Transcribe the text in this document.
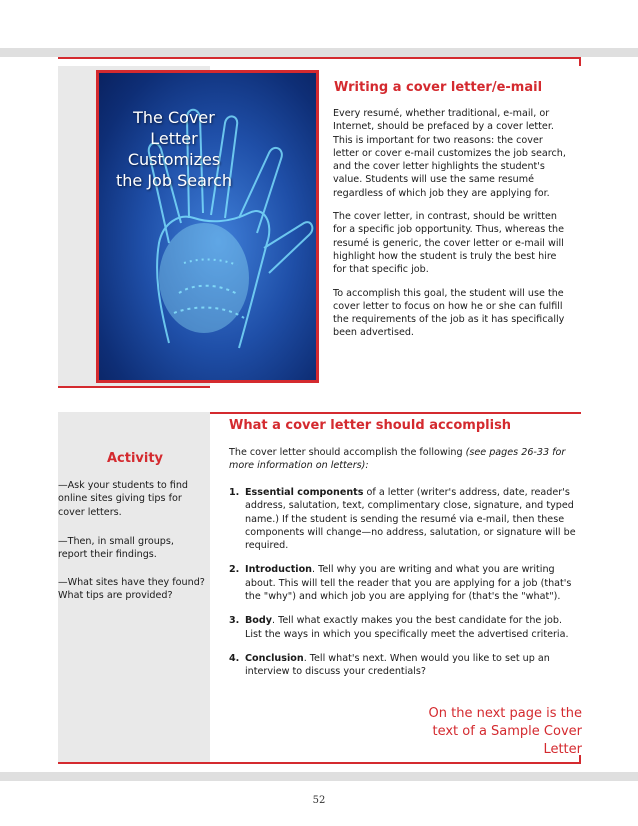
The Cover Letter Customizes the Job Search
Writing a cover letter/e-mail

Every resumé, whether traditional, e-mail, or Internet, should be prefaced by a cover letter. This is important for two reasons: the cover letter or cover e-mail customizes the job search, and the cover letter highlights the student's value. Students will use the same resumé regardless of which job they are applying for.

The cover letter, in contrast, should be written for a specific job opportunity. Thus, whereas the resumé is generic, the cover letter or e-mail will highlight how the student is truly the best hire for that specific job.

To accomplish this goal, the student will use the cover letter to focus on how he or she can fulfill the requirements of the job as it has specifically been advertised.

What a cover letter should accomplish
The cover letter should accomplish the following (see pages 26-33 for more information on letters):
1. Essential components of a letter (writer's address, date, reader's address, salutation, text, complimentary close, signature, and typed name.) If the student is sending the resumé via e-mail, then these components will change—no address, salutation, or signature will be required.
2. Introduction. Tell why you are writing and what you are writing about. This will tell the reader that you are applying for a job (that's the "why") and which job you are applying for (that's the "what").
3. Body. Tell what exactly makes you the best candidate for the job. List the ways in which you specifically meet the advertised criteria.
4. Conclusion. Tell what's next. When would you like to set up an interview to discuss your credentials?
Activity
—Ask your students to find online sites giving tips for cover letters.
—Then, in small groups, report their findings.
—What sites have they found? What tips are provided?
On the next page is the text of a Sample Cover Letter
52
